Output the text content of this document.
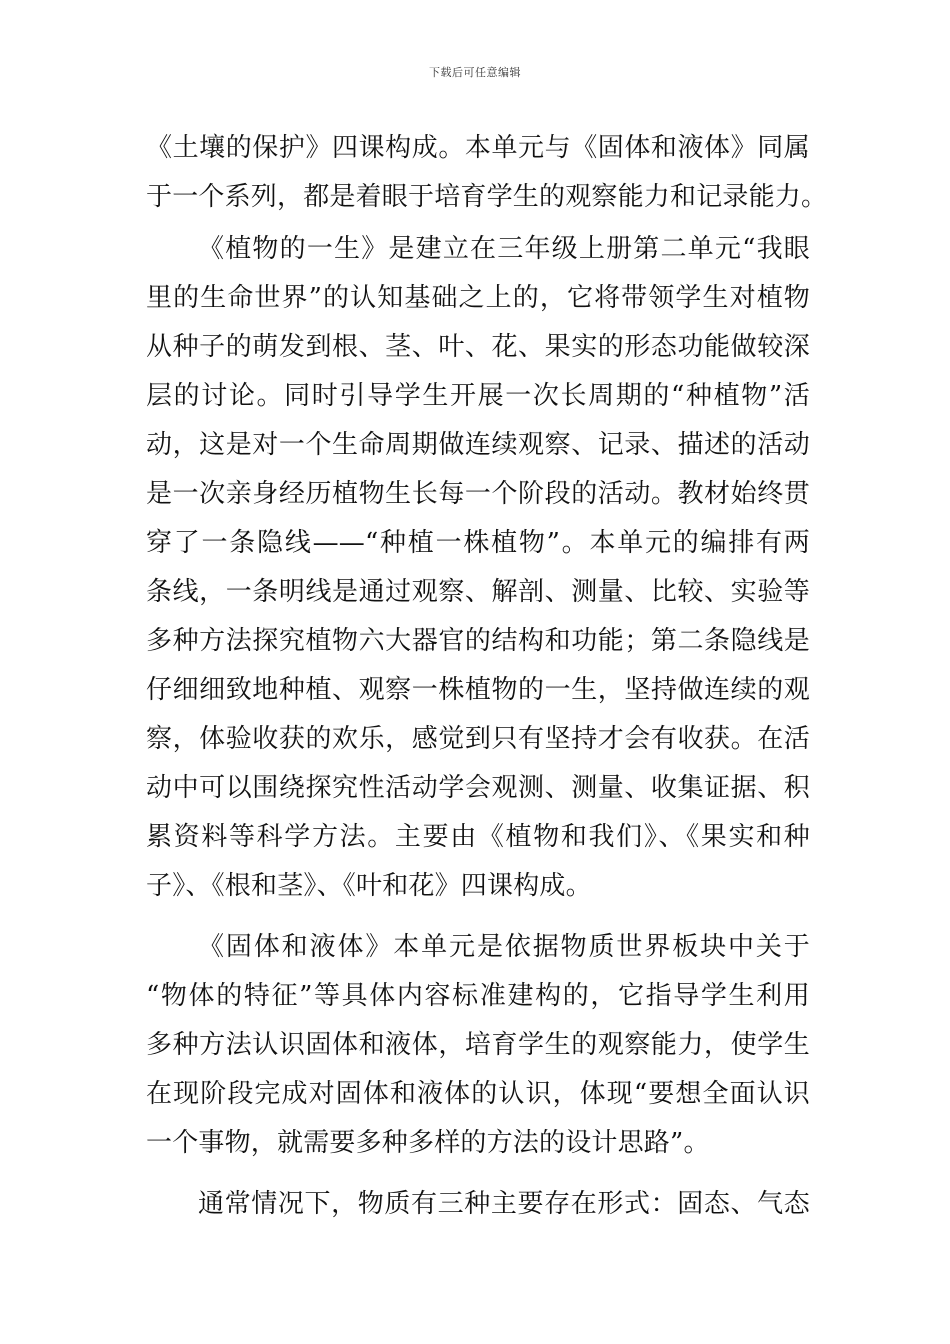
下载后可任意编辑
《土壤的保护》四课构成。本单元与《固体和液体》同属
于一个系列，都是着眼于培育学生的观察能力和记录能力。
《植物的一生》是建立在三年级上册第二单元“我眼
里的生命世界”的认知基础之上的，它将带领学生对植物
从种子的萌发到根、茎、叶、花、果实的形态功能做较深
层的讨论。同时引导学生开展一次长周期的“种植物”活
动，这是对一个生命周期做连续观察、记录、描述的活动
是一次亲身经历植物生长每一个阶段的活动。教材始终贯
穿了一条隐线——“种植一株植物”。本单元的编排有两
条线，一条明线是通过观察、解剖、测量、比较、实验等
多种方法探究植物六大器官的结构和功能；第二条隐线是
仔细细致地种植、观察一株植物的一生，坚持做连续的观
察，体验收获的欢乐，感觉到只有坚持才会有收获。在活
动中可以围绕探究性活动学会观测、测量、收集证据、积
累资料等科学方法。主要由《植物和我们》、《果实和种
子》、《根和茎》、《叶和花》四课构成。
《固体和液体》本单元是依据物质世界板块中关于
“物体的特征”等具体内容标准建构的，它指导学生利用
多种方法认识固体和液体，培育学生的观察能力，使学生
在现阶段完成对固体和液体的认识，体现“要想全面认识
一个事物，就需要多种多样的方法的设计思路”。
通常情况下，物质有三种主要存在形式：固态、气态
